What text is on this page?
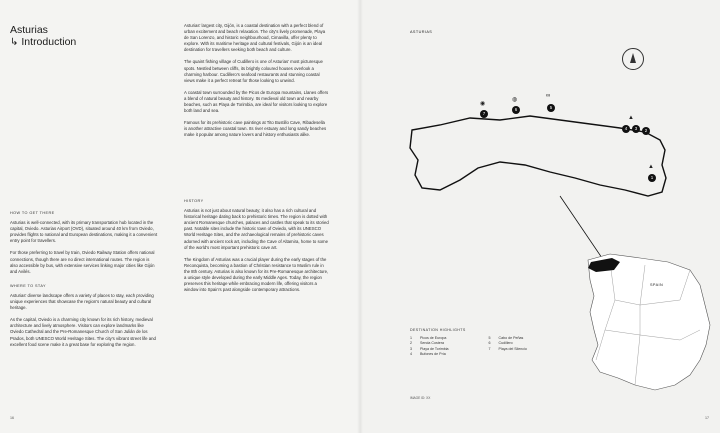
Asturias
↳ Introduction

Asturias' largest city, Gijón, is a coastal destination with a perfect blend of urban excitement and beach relaxation. The city's lively promenade, Playa de San Lorenzo, and historic neighbourhood, Cimavilla, offer plenty to explore. With its maritime heritage and cultural festivals, Gijón is an ideal destination for travellers seeking both beach and culture.

The quaint fishing village of Cudillero is one of Asturias' most picturesque spots. Nestled between cliffs, its brightly coloured houses overlook a charming harbour. Cudillero's seafood restaurants and stunning coastal views make it a perfect retreat for those looking to unwind.

A coastal town surrounded by the Picos de Europa mountains, Llanes offers a blend of natural beauty and history. Its medieval old town and nearby beaches, such as Playa de Torimbia, are ideal for visitors looking to explore both land and sea.

Famous for its prehistoric cave paintings at Tito Bustillo Cave, Ribadesella is another attractive coastal town. Its river estuary and long sandy beaches make it popular among nature lovers and history enthusiasts alike.

HOW TO GET THERE

Asturias is well-connected, with its primary transportation hub located in the capital, Oviedo. Asturias Airport (OVD), situated around 40 km from Oviedo, provides flights to national and European destinations, making it a convenient entry point for travellers.

For those preferring to travel by train, Oviedo Railway Station offers national connections, though there are no direct international routes. The region is also accessible by bus, with extensive services linking major cities like Gijón and Avilés.

WHERE TO STAY

Asturias' diverse landscape offers a variety of places to stay, each providing unique experiences that showcase the region's natural beauty and cultural heritage.

As the capital, Oviedo is a charming city known for its rich history, medieval architecture and lively atmosphere. Visitors can explore landmarks like Oviedo Cathedral and the Pre-Romanesque Church of San Julián de los Prados, both UNESCO World Heritage Sites. The city's vibrant street life and excellent food scene make it a great base for exploring the region.

HISTORY

Asturias is not just about natural beauty; it also has a rich cultural and historical heritage dating back to prehistoric times. The region is dotted with ancient Romanesque churches, palaces and castles that speak to its storied past. Notable sites include the historic town of Oviedo, with its UNESCO World Heritage Sites, and the archaeological remains of prehistoric caves adorned with ancient rock art, including the Cave of Altamira, home to some of the world's most important prehistoric cave art.

The Kingdom of Asturias was a crucial player during the early stages of the Reconquista, becoming a bastion of Christian resistance to Muslim rule in the 8th century. Asturias is also known for its Pre-Romanesque architecture, a unique style developed during the early Middle Ages. Today, the region preserves this heritage while embracing modern life, offering visitors a window into Spain's past alongside contemporary attractions.

16	17
ASTURIAS
7
◉
6
◍
5
∞
4	3	2
▲
1
▲
SPAIN
DESTINATION HIGHLIGHTS
1 Picos de Europa
2 Senda Costera
3 Playa de Torimbia
4 Bufones de Pría
5 Cabo de Peñas
6 Cudillero
7 Playa del Silencio
IMAGE ID: XX
